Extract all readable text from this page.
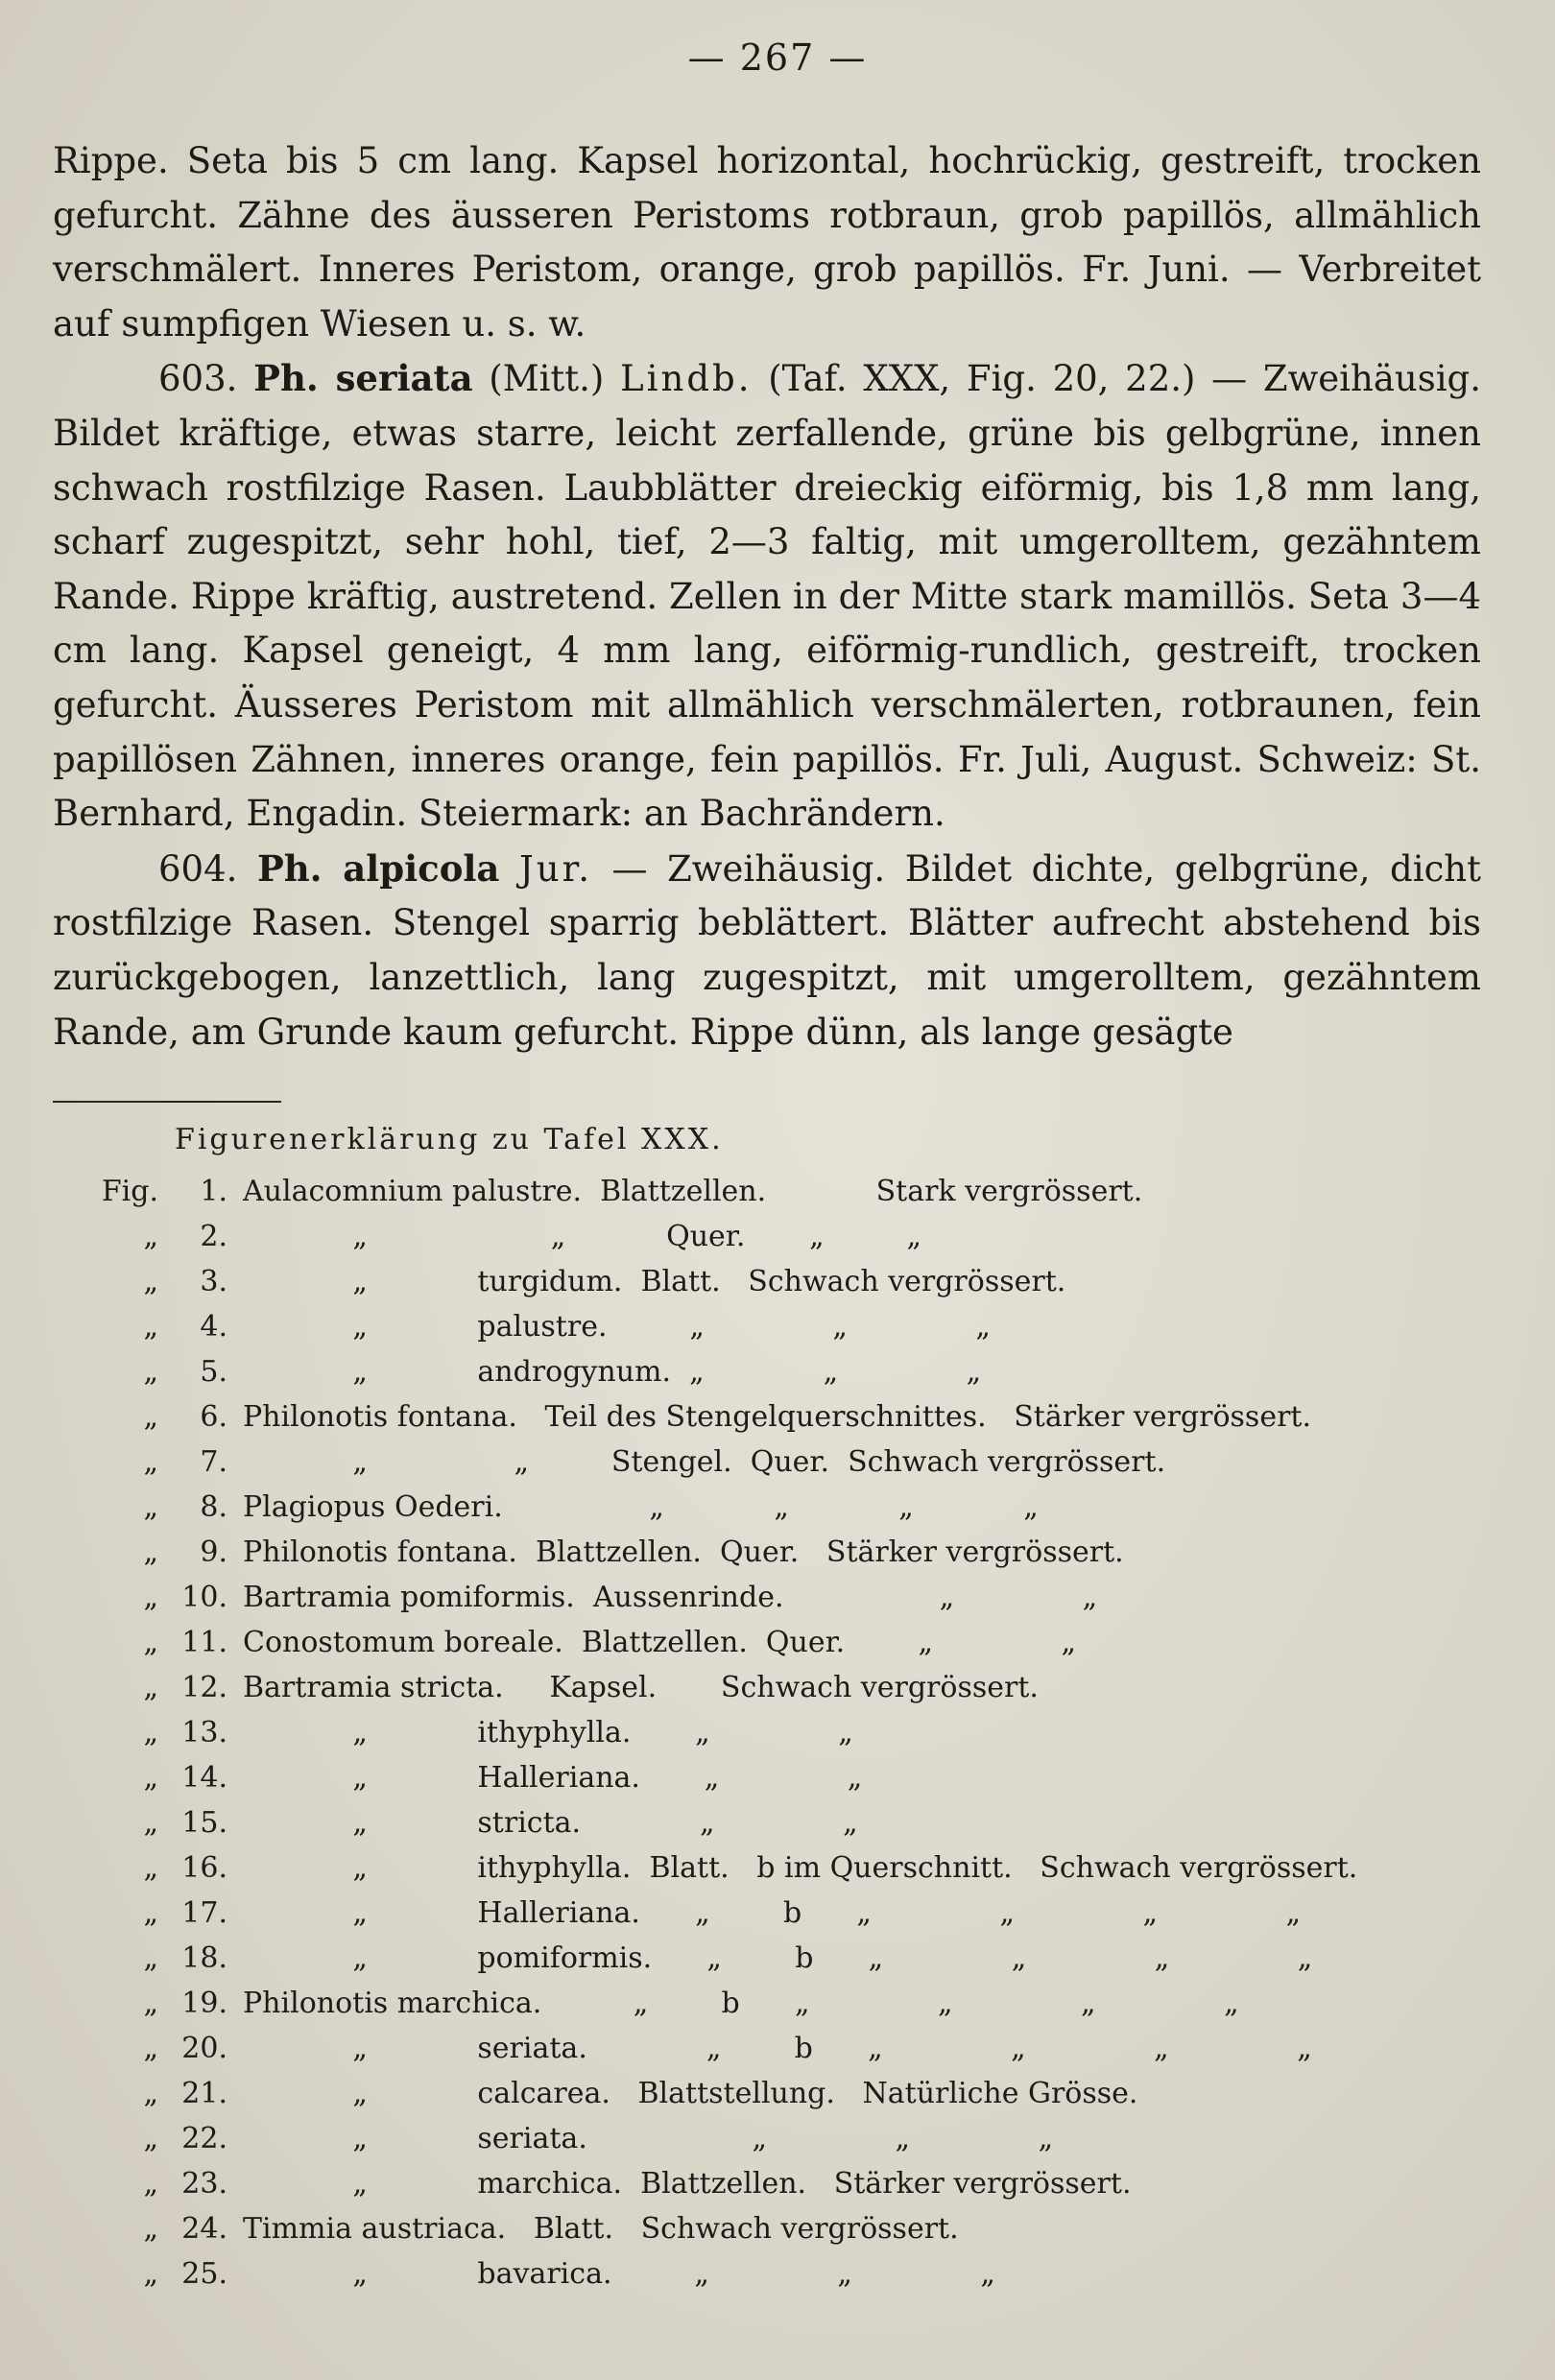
— 267 —

Rippe. Seta bis 5 cm lang. Kapsel horizontal, hochrückig, gestreift, trocken gefurcht. Zähne des äusseren Peristoms rotbraun, grob papillös, allmählich verschmälert. Inneres Peristom, orange, grob papillös. Fr. Juni. — Verbreitet auf sumpfigen Wiesen u. s. w.

603. Ph. seriata (Mitt.) Lindb. (Taf. XXX, Fig. 20, 22.) — Zweihäusig. Bildet kräftige, etwas starre, leicht zerfallende, grüne bis gelbgrüne, innen schwach rostfilzige Rasen. Laubblätter dreieckig eiförmig, bis 1,8 mm lang, scharf zugespitzt, sehr hohl, tief, 2—3 faltig, mit umgerolltem, gezähntem Rande. Rippe kräftig, austretend. Zellen in der Mitte stark mamillös. Seta 3—4 cm lang. Kapsel geneigt, 4 mm lang, eiförmig-rundlich, gestreift, trocken gefurcht. Äusseres Peristom mit allmählich verschmälerten, rotbraunen, fein papillösen Zähnen, inneres orange, fein papillös. Fr. Juli, August. Schweiz: St. Bernhard, Engadin. Steiermark: an Bachrändern.

604. Ph. alpicola Jur. — Zweihäusig. Bildet dichte, gelbgrüne, dicht rostfilzige Rasen. Stengel sparrig beblättert. Blätter aufrecht abstehend bis zurückgebogen, lanzettlich, lang zugespitzt, mit umgerolltem, gezähntem Rande, am Grunde kaum gefurcht. Rippe dünn, als lange gesägte

Figurenerklärung zu Tafel XXX.
Fig.	1.	Aulacomnium palustre.  Blattzellen.            Stark vergrössert.
„	2.	„                    „           Quer.       „         „
„	3.	„            turgidum.  Blatt.   Schwach vergrössert.
„	4.	„            palustre.         „              „              „
„	5.	„            androgynum.  „             „              „
„	6.	Philonotis fontana.   Teil des Stengelquerschnittes.   Stärker vergrössert.
„	7.	„                „         Stengel.  Quer.  Schwach vergrössert.
„	8.	Plagiopus Oederi.                „            „            „            „
„	9.	Philonotis fontana.  Blattzellen.  Quer.   Stärker vergrössert.
„	10.	Bartramia pomiformis.  Aussenrinde.                 „              „
„	11.	Conostomum boreale.  Blattzellen.  Quer.        „              „
„	12.	Bartramia stricta.     Kapsel.       Schwach vergrössert.
„	13.	„            ithyphylla.       „              „
„	14.	„            Halleriana.       „              „
„	15.	„            stricta.             „              „
„	16.	„            ithyphylla.  Blatt.   b im Querschnitt.   Schwach vergrössert.
„	17.	„            Halleriana.      „        b      „              „              „              „
„	18.	„            pomiformis.      „        b      „              „              „              „
„	19.	Philonotis marchica.          „        b      „              „              „              „
„	20.	„            seriata.             „        b      „              „              „              „
„	21.	„            calcarea.   Blattstellung.   Natürliche Grösse.
„	22.	„            seriata.                  „              „              „
„	23.	„            marchica.  Blattzellen.   Stärker vergrössert.
„	24.	Timmia austriaca.   Blatt.   Schwach vergrössert.
„	25.	„            bavarica.         „              „              „
